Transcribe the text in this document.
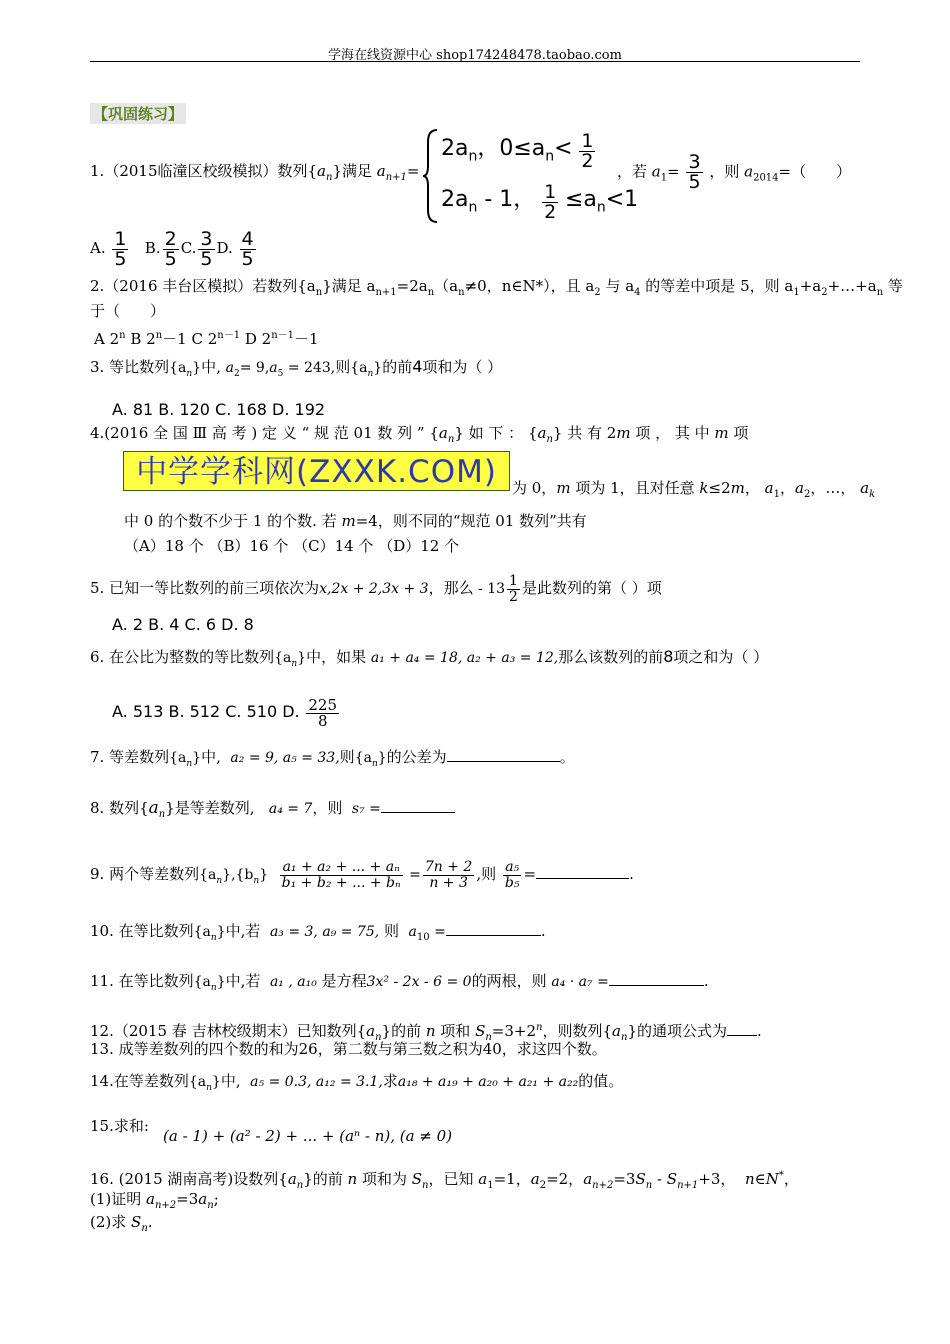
学海在线资源中心 shop174248478.taobao.com
【巩固练习】
1.（2015临潼区校级模拟）数列$\{a_n\}$满足 $a_{n+1}=$
$2a_n$，$0\le a_n< \frac{1}{2}$
$2a_n - 1$， $\frac{1}{2} \le a_n<1$
，若 $a_1= \frac{3}{5}$ ，则 $a_{2014}=$（　　）
A. $\frac{1}{5} B$. $\frac{2}{5} C$. $\frac{3}{5} D$. $\frac{4}{5}$
2.（2016 丰台区模拟）若数列$\{a_n\}$满足 $a_{n+1}=2a_n(a_n\ne 0$，n∈N*），且 $a_2$ 与 $a_4$ 的等差中项是 5，则 $a_1+a_2+\dots+a_n$ 等
于（　　）
A 2$^n$ B $2^n-1$ C $2^{n-1}$ D $2^{n-1}-1$
3. 等比数列$\{a_n\}$中, $a_2= 9,a_5 = 243$,则$\{a_n\}$的前4项和为（ ）
A. 81 B. 120 C. 168 D. 192
4.(2016 全 国 Ⅲ 高 考 ) 定 义 “ 规 范 01 数 列 ” $\{a_n\}$ 如 下 ： $\{a_n\}$ 共 有 2m 项 ， 其 中 m 项
中学学科网(ZXXK.COM)	为 0，m 项为 1，且对任意 k≤2m， $a_1$，$a_2$，…， $a_k$
中 0 的个数不少于 1 的个数. 若 m=4，则不同的“规范 01 数列”共有
（A）18 个 （B）16 个 （C）14 个 （D）12 个
5. 已知一等比数列的前三项依次为x,2x + 2,3x + 3，那么 - $13 \frac{1}{2}$ 是此数列的第（ ）项
A. 2 B. 4 C. 6 D. 8
6. 在公比为整数的等比数列$\{a_n\}$中，如果 a₁ + a₄ = 18, a₂ + a₃ = 12,那么该数列的前8项之和为（ ）
A. 513 B. 512 C. 510 D. $\frac{225}{8}$
7. 等差数列$\{a_n\}$中, a₂ = 9, a₅ = 33,则$\{a_n\}$的公差为	。
8. 数列$\{a_n\}$是等差数列, a₄ = 7，则 s₇ =
9. 两个等差数列$\{a_n\},\{b_n\} \frac{\text{a₁ + a₂ + ... + aₙ}}{\text{b₁ + b₂ + ... + bₙ}} = \frac{7n + 2}{n + 3}$ ,则 $\frac{\text{a₅}}{\text{b₅}}$ =	.
10. 在等比数列$\{a_n\}$中,若 a₃ = 3, a₉ = 75, 则 $a_{10}$ =	.
11. 在等比数列$\{a_n\}$中,若 a₁ , a₁₀ 是方程3x² - 2x - 6 = 0的两根，则 a₄ · a₇ =	.
12.（2015 春 吉林校级期末）已知数列$\{a_n\}$的前 n 项和 $S_n=3+2^n$，则数列$\{a_n\}$的通项公式为 .
13. 成等差数列的四个数的和为26，第二数与第三数之积为40，求这四个数。
14.在等差数列$\{a_n\}$中, a₅ = 0.3, a₁₂ = 3.1,求a₁₈ + a₁₉ + a₂₀ + a₂₁ + a₂₂的值。
15.求和:
(a - 1) + (a² - 2) + ... + (aⁿ - n), (a ≠ 0)
16. (2015 湖南高考)设数列$\{a_n\}$的前 n 项和为 $S_n$，已知 $a_1=1$，$a_2=2$，$a_{n+2}=3S_n - S_{n+1}+3$， n∈N*，
(1)证明 $a_{n+2}=3a_n$;
(2)求 $S_n$.
